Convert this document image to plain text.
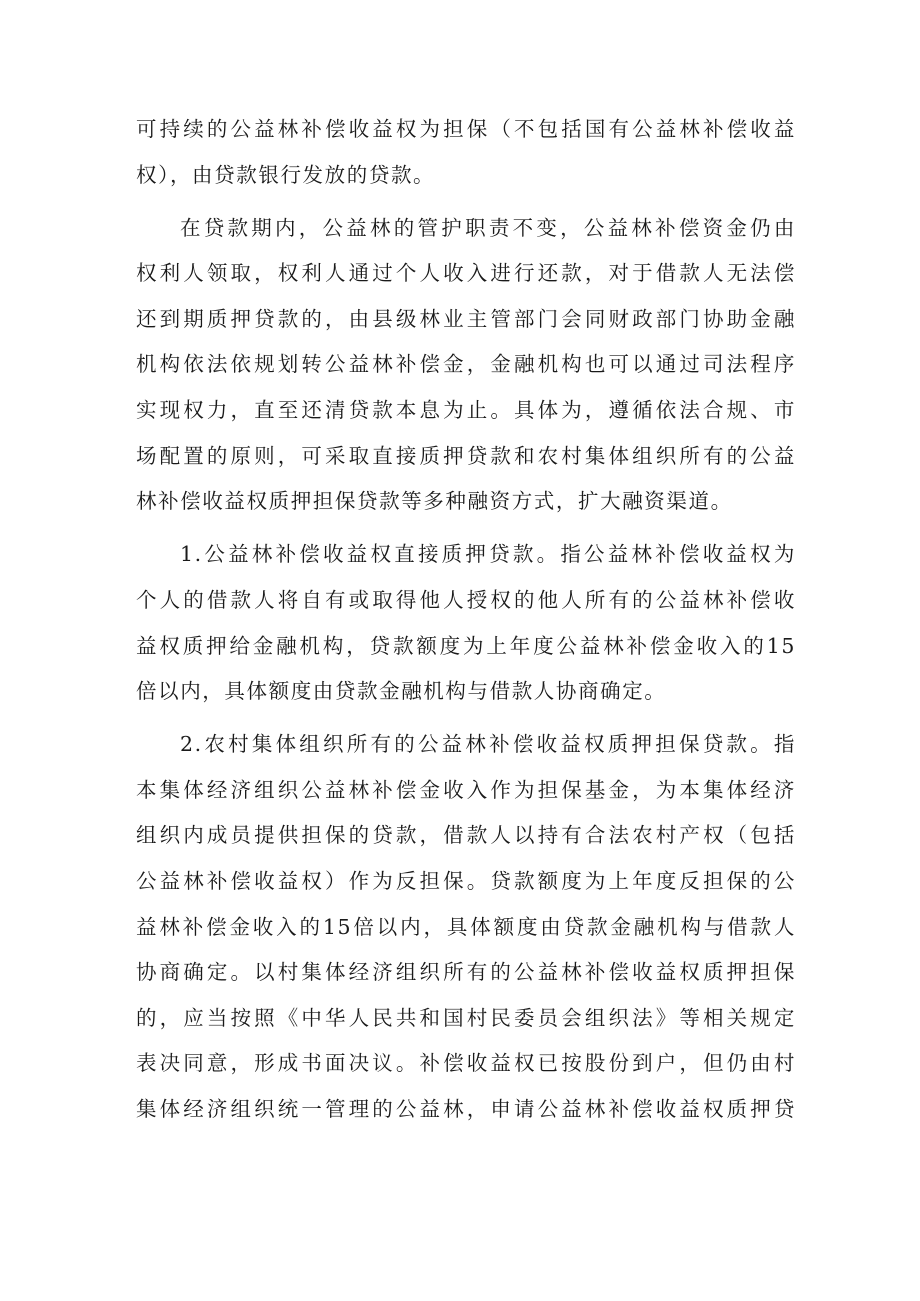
可持续的公益林补偿收益权为担保（不包括国有公益林补偿收益
权），由贷款银行发放的贷款。
在贷款期内，公益林的管护职责不变，公益林补偿资金仍由
权利人领取，权利人通过个人收入进行还款，对于借款人无法偿
还到期质押贷款的，由县级林业主管部门会同财政部门协助金融
机构依法依规划转公益林补偿金，金融机构也可以通过司法程序
实现权力，直至还清贷款本息为止。具体为，遵循依法合规、市
场配置的原则，可采取直接质押贷款和农村集体组织所有的公益
林补偿收益权质押担保贷款等多种融资方式，扩大融资渠道。
1.公益林补偿收益权直接质押贷款。指公益林补偿收益权为
个人的借款人将自有或取得他人授权的他人所有的公益林补偿收
益权质押给金融机构，贷款额度为上年度公益林补偿金收入的15
倍以内，具体额度由贷款金融机构与借款人协商确定。
2.农村集体组织所有的公益林补偿收益权质押担保贷款。指
本集体经济组织公益林补偿金收入作为担保基金，为本集体经济
组织内成员提供担保的贷款，借款人以持有合法农村产权（包括
公益林补偿收益权）作为反担保。贷款额度为上年度反担保的公
益林补偿金收入的15倍以内，具体额度由贷款金融机构与借款人
协商确定。以村集体经济组织所有的公益林补偿收益权质押担保
的，应当按照《中华人民共和国村民委员会组织法》等相关规定
表决同意，形成书面决议。补偿收益权已按股份到户，但仍由村
集体经济组织统一管理的公益林，申请公益林补偿收益权质押贷
